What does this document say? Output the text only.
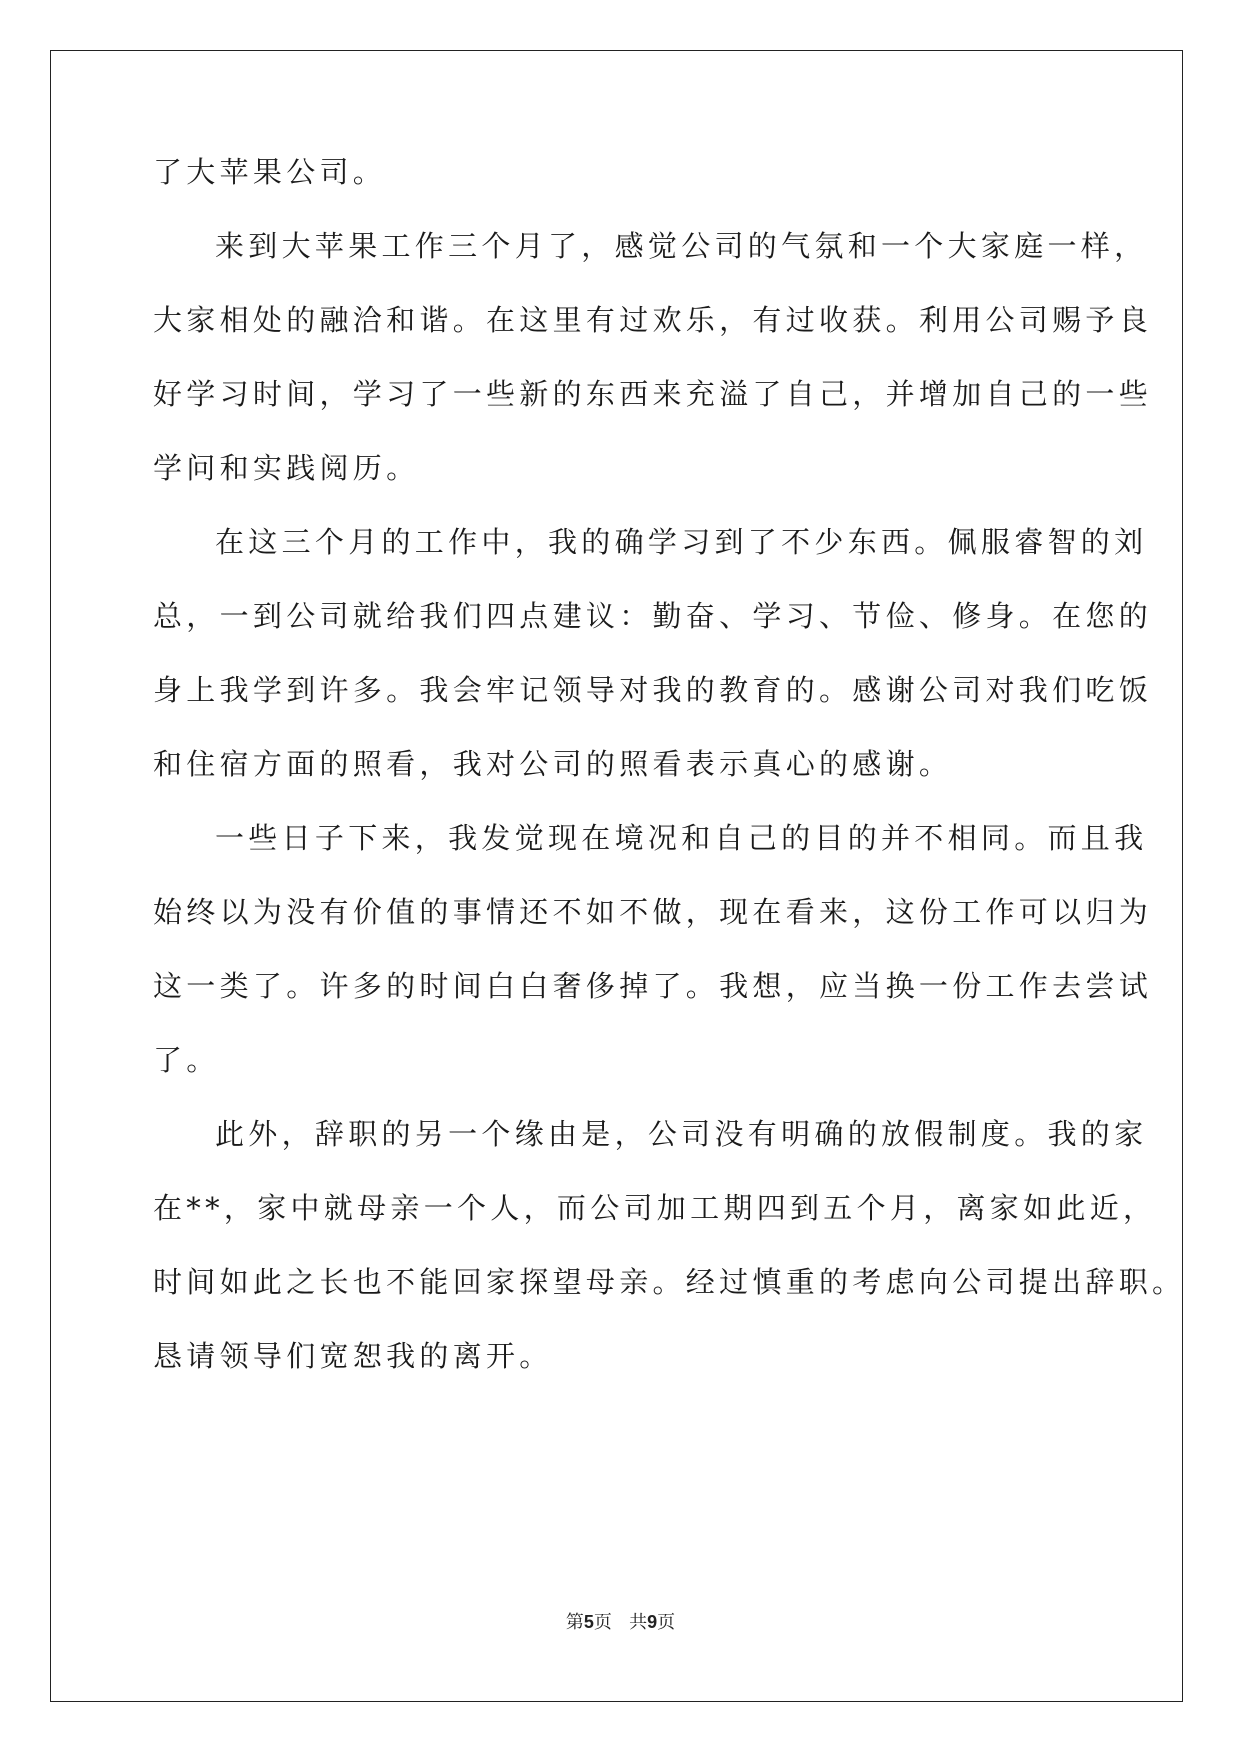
了大苹果公司。
来到大苹果工作三个月了，感觉公司的气氛和一个大家庭一样，
大家相处的融洽和谐。在这里有过欢乐，有过收获。利用公司赐予良
好学习时间，学习了一些新的东西来充溢了自己，并增加自己的一些
学问和实践阅历。
在这三个月的工作中，我的确学习到了不少东西。佩服睿智的刘
总，一到公司就给我们四点建议：勤奋、学习、节俭、修身。在您的
身上我学到许多。我会牢记领导对我的教育的。感谢公司对我们吃饭
和住宿方面的照看，我对公司的照看表示真心的感谢。
一些日子下来，我发觉现在境况和自己的目的并不相同。而且我
始终以为没有价值的事情还不如不做，现在看来，这份工作可以归为
这一类了。许多的时间白白奢侈掉了。我想，应当换一份工作去尝试
了。
此外，辞职的另一个缘由是，公司没有明确的放假制度。我的家
在**，家中就母亲一个人，而公司加工期四到五个月，离家如此近，
时间如此之长也不能回家探望母亲。经过慎重的考虑向公司提出辞职。
恳请领导们宽恕我的离开。
第5页 共9页
